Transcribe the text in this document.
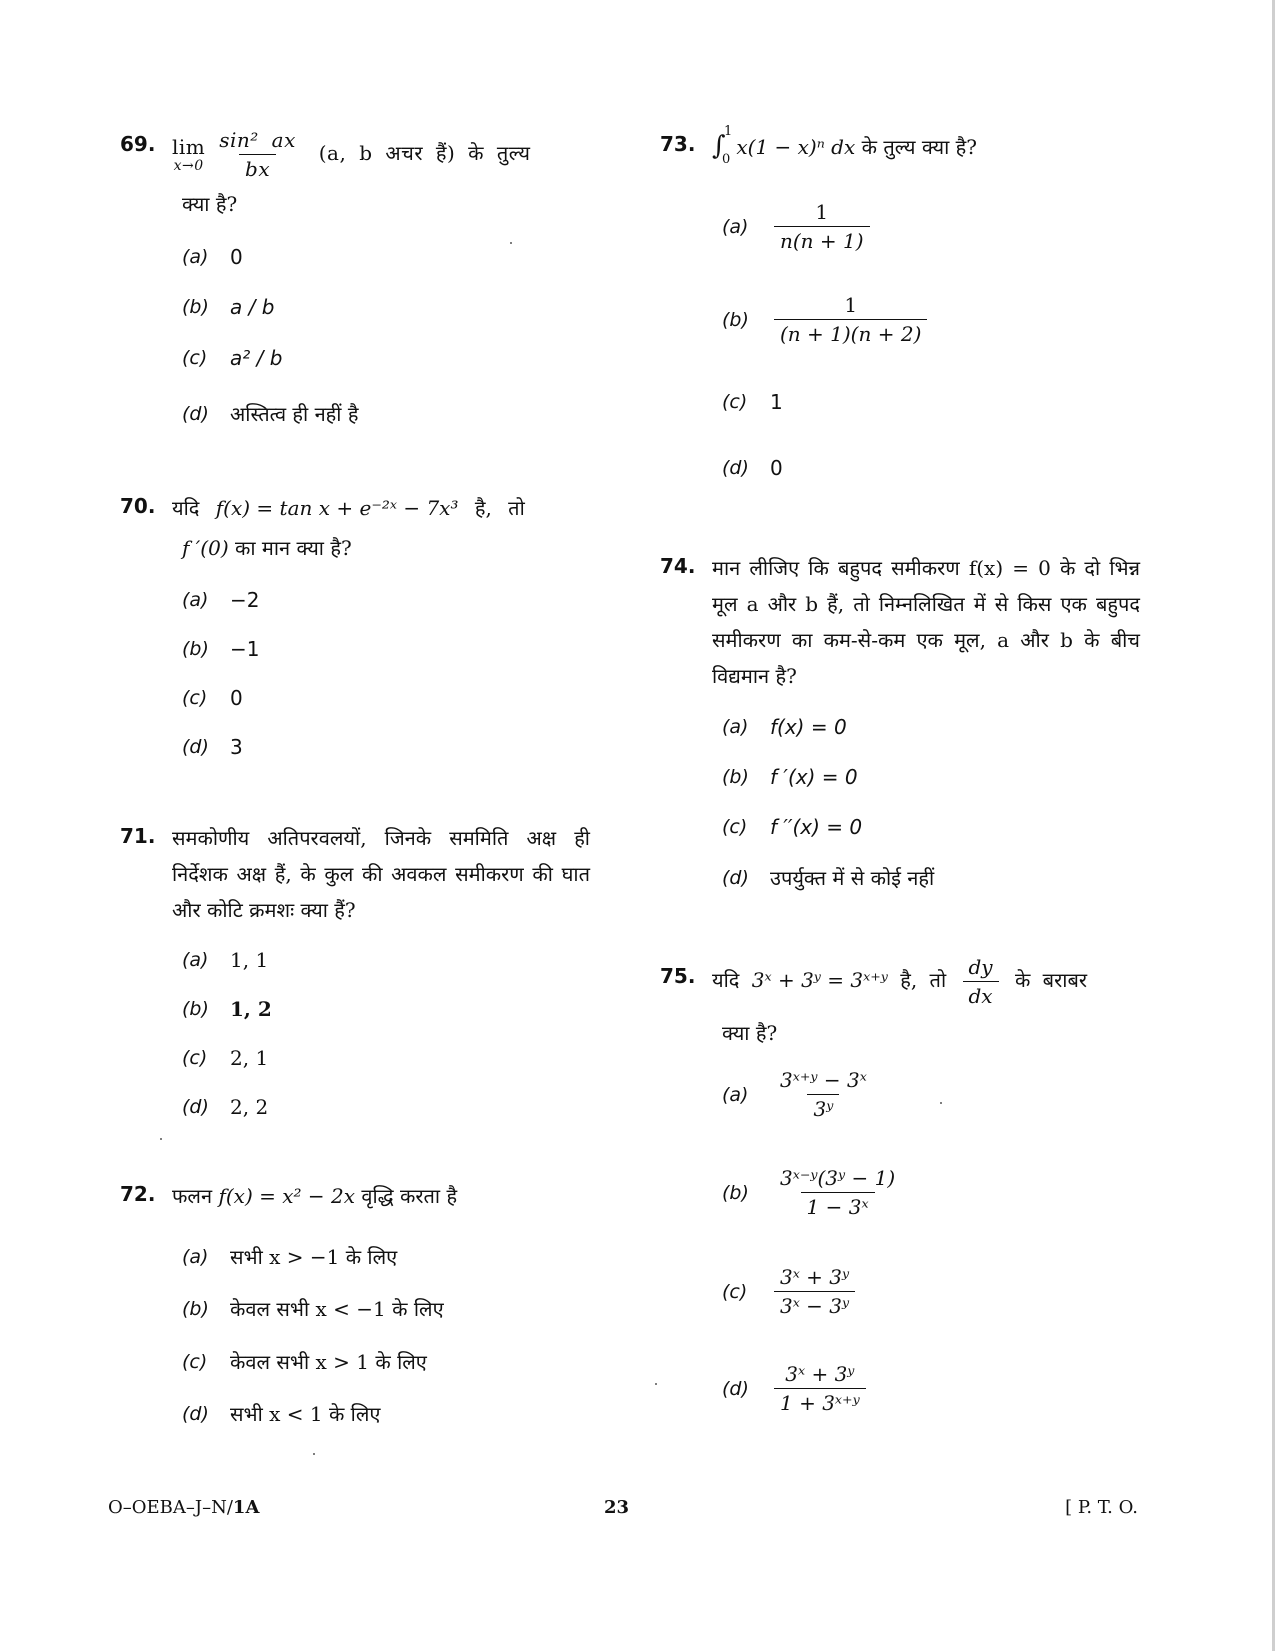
69. lim
$x\to 0 \frac{\text{sin² ax}}{bx} (a$, b अचर हैं) के तुल्य
क्या है?
(a)	0
(b)	a / b
(c)	a² / b
(d)	अस्तित्व ही नहीं है
70. यदि f(x) = tan x + e⁻²ˣ − 7x³ है, तो
f ′(0) का मान क्या है?
(a)	−2
(b)	−1
(c)	0
(d)	3
71. समकोणीय अतिपरवलयों, जिनके सममिति अक्ष ही निर्देशक अक्ष हैं, के कुल की अवकल समीकरण की घात और कोटि क्रमशः क्या हैं?
(a)	1, 1
(b)	1, 2
(c)	2, 1
(d)	2, 2
72. फलन f(x) = x² − 2x वृद्धि करता है
(a)	सभी x > −1 के लिए
(b)	केवल सभी x < −1 के लिए
(c)	केवल सभी x > 1 के लिए
(d)	सभी x < 1 के लिए
73. ∫
1
0
x(1 − x)ⁿ dx के तुल्य क्या है?
(a)	$\frac{1}{n(n + 1)}$
(b)	$\frac{1}{(n + 1)(n + 2)}$
(c)	1
(d)	0
74. मान लीजिए कि बहुपद समीकरण f(x) = 0 के दो भिन्न मूल a और b हैं, तो निम्नलिखित में से किस एक बहुपद समीकरण का कम-से-कम एक मूल, a और b के बीच विद्यमान है?
(a)	f(x) = 0
(b)	f ′(x) = 0
(c)	f ′′(x) = 0
(d)	उपर्युक्त में से कोई नहीं
75. यदि 3ˣ + 3ʸ = 3ˣ⁺ʸ है, तो $\frac{dy}{dx}$ के बराबर
क्या है?
(a)	$\frac{\text{3ˣ⁺ʸ − 3ˣ}}{\text{3ʸ}}$
(b)	$\frac{\text{3ˣ⁻ʸ(3ʸ − 1)}}{\text{1 − 3ˣ}}$
(c)	$\frac{\text{3ˣ + 3ʸ}}{\text{3ˣ − 3ʸ}}$
(d)	$\frac{\text{3ˣ + 3ʸ}}{\text{1 + 3ˣ⁺ʸ}}$
O–OEBA–J–N/1A	23	[ P. T. O.
